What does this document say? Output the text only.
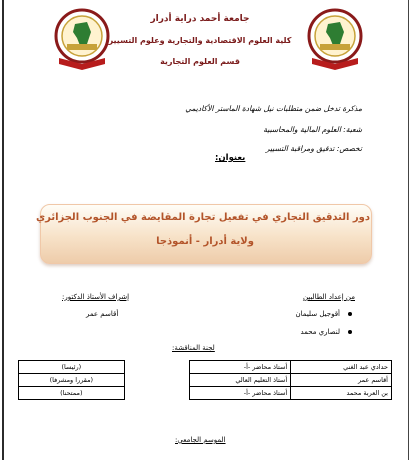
جامعة أحمد دراية أدرار
كلية العلوم الاقتصادية والتجارية وعلوم التسيير
قسم العلوم التجارية
مذكرة تدخل ضمن متطلبات نيل شهادة الماستر الأكاديمي
شعبة: العلوم المالية والمحاسبية
تخصص: تدقيق ومراقبة التسيير
بعنوان:
دور التدقيق التجاري في تفعيل تجارة المقايضة في الجنوب الجزائري
ولاية أدرار - أنموذجا
من إعداد الطالبين
أقوجيل سليمان
لنصاري محمد
إشراف الأستاذ الدكتور:
أقاسم عمر
لجنة المناقشة:
حدادي عبد الغني	أستاذ محاضر -أ-		(رئيسا)
أقاسم عمر	أستاذ التعليم العالي		(مقررا ومشرفا)
بن العربة محمد	أستاذ محاضر -أ-		(ممتحنا)
الموسم الجامعي:
